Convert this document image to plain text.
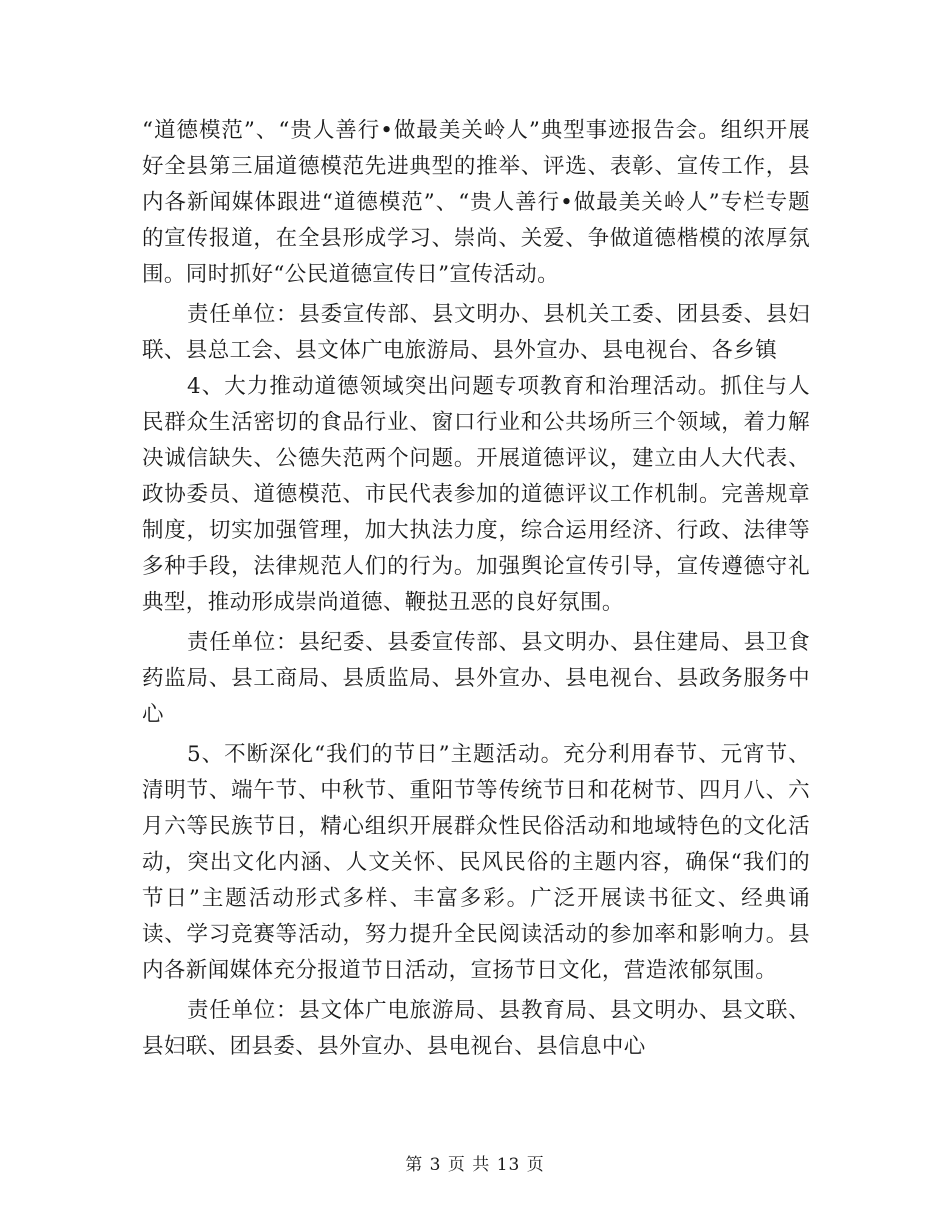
“道德模范”、“贵人善行•做最美关岭人”典型事迹报告会。组织开展好全县第三届道德模范先进典型的推举、评选、表彰、宣传工作，县内各新闻媒体跟进“道德模范”、“贵人善行•做最美关岭人”专栏专题的宣传报道，在全县形成学习、崇尚、关爱、争做道德楷模的浓厚氛围。同时抓好“公民道德宣传日”宣传活动。

责任单位：县委宣传部、县文明办、县机关工委、团县委、县妇联、县总工会、县文体广电旅游局、县外宣办、县电视台、各乡镇

4、大力推动道德领域突出问题专项教育和治理活动。抓住与人民群众生活密切的食品行业、窗口行业和公共场所三个领域，着力解决诚信缺失、公德失范两个问题。开展道德评议，建立由人大代表、政协委员、道德模范、市民代表参加的道德评议工作机制。完善规章制度，切实加强管理，加大执法力度，综合运用经济、行政、法律等多种手段，法律规范人们的行为。加强舆论宣传引导，宣传遵德守礼典型，推动形成崇尚道德、鞭挞丑恶的良好氛围。

责任单位：县纪委、县委宣传部、县文明办、县住建局、县卫食药监局、县工商局、县质监局、县外宣办、县电视台、县政务服务中心

5、不断深化“我们的节日”主题活动。充分利用春节、元宵节、清明节、端午节、中秋节、重阳节等传统节日和花树节、四月八、六月六等民族节日，精心组织开展群众性民俗活动和地域特色的文化活动，突出文化内涵、人文关怀、民风民俗的主题内容，确保“我们的节日”主题活动形式多样、丰富多彩。广泛开展读书征文、经典诵读、学习竞赛等活动，努力提升全民阅读活动的参加率和影响力。县内各新闻媒体充分报道节日活动，宣扬节日文化，营造浓郁氛围。

责任单位：县文体广电旅游局、县教育局、县文明办、县文联、县妇联、团县委、县外宣办、县电视台、县信息中心

第 3 页 共 13 页
